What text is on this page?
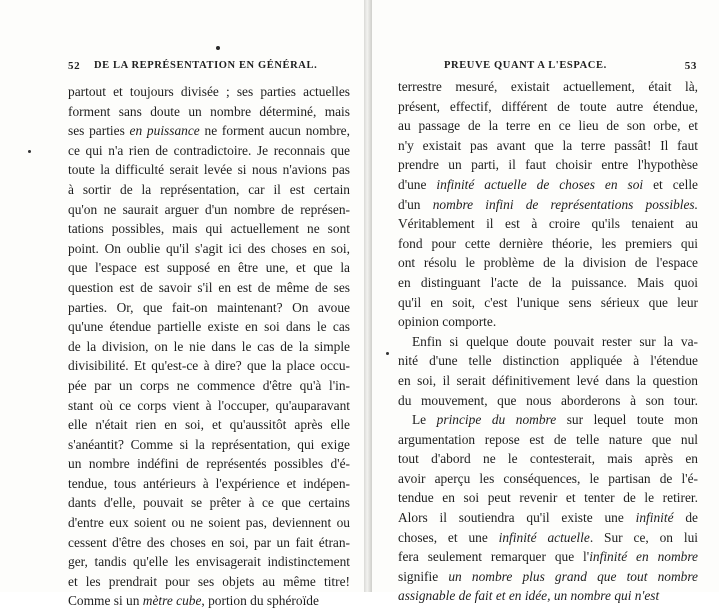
52 DE LA REPRÉSENTATION EN GÉNÉRAL.
partout et toujours divisée ; ses parties actuelles
forment sans doute un nombre déterminé, mais
ses parties en puissance ne forment aucun nombre,
ce qui n'a rien de contradictoire. Je reconnais que
toute la difficulté serait levée si nous n'avions pas
à sortir de la représentation, car il est certain
qu'on ne saurait arguer d'un nombre de représen-
tations possibles, mais qui actuellement ne sont
point. On oublie qu'il s'agit ici des choses en soi,
que l'espace est supposé en être une, et que la
question est de savoir s'il en est de même de ses
parties. Or, que fait-on maintenant? On avoue
qu'une étendue partielle existe en soi dans le cas
de la division, on le nie dans le cas de la simple
divisibilité. Et qu'est-ce à dire? que la place occu-
pée par un corps ne commence d'être qu'à l'in-
stant où ce corps vient à l'occuper, qu'auparavant
elle n'était rien en soi, et qu'aussitôt après elle
s'anéantit? Comme si la représentation, qui exige
un nombre indéfini de représentés possibles d'é-
tendue, tous antérieurs à l'expérience et indépen-
dants d'elle, pouvait se prêter à ce que certains
d'entre eux soient ou ne soient pas, deviennent ou
cessent d'être des choses en soi, par un fait étran-
ger, tandis qu'elle les envisagerait indistinctement
et les prendrait pour ses objets au même titre!
Comme si un mètre cube, portion du sphéroïde
PREUVE QUANT A L'ESPACE.	53
terrestre mesuré, existait actuellement, était là,
présent, effectif, différent de toute autre étendue,
au passage de la terre en ce lieu de son orbe, et
n'y existait pas avant que la terre passât! Il faut
prendre un parti, il faut choisir entre l'hypothèse
d'une infinité actuelle de choses en soi et celle
d'un nombre infini de représentations possibles.
Véritablement il est à croire qu'ils tenaient au
fond pour cette dernière théorie, les premiers qui
ont résolu le problème de la division de l'espace
en distinguant l'acte de la puissance. Mais quoi
qu'il en soit, c'est l'unique sens sérieux que leur
opinion comporte.
Enfin si quelque doute pouvait rester sur la va-
nité d'une telle distinction appliquée à l'étendue
en soi, il serait définitivement levé dans la question
du mouvement, que nous aborderons à son tour.
Le principe du nombre sur lequel toute mon
argumentation repose est de telle nature que nul
tout d'abord ne le contesterait, mais après en
avoir aperçu les conséquences, le partisan de l'é-
tendue en soi peut revenir et tenter de le retirer.
Alors il soutiendra qu'il existe une infinité de
choses, et une infinité actuelle. Sur ce, on lui
fera seulement remarquer que l'infinité en nombre
signifie un nombre plus grand que tout nombre
assignable de fait et en idée, un nombre qui n'est
